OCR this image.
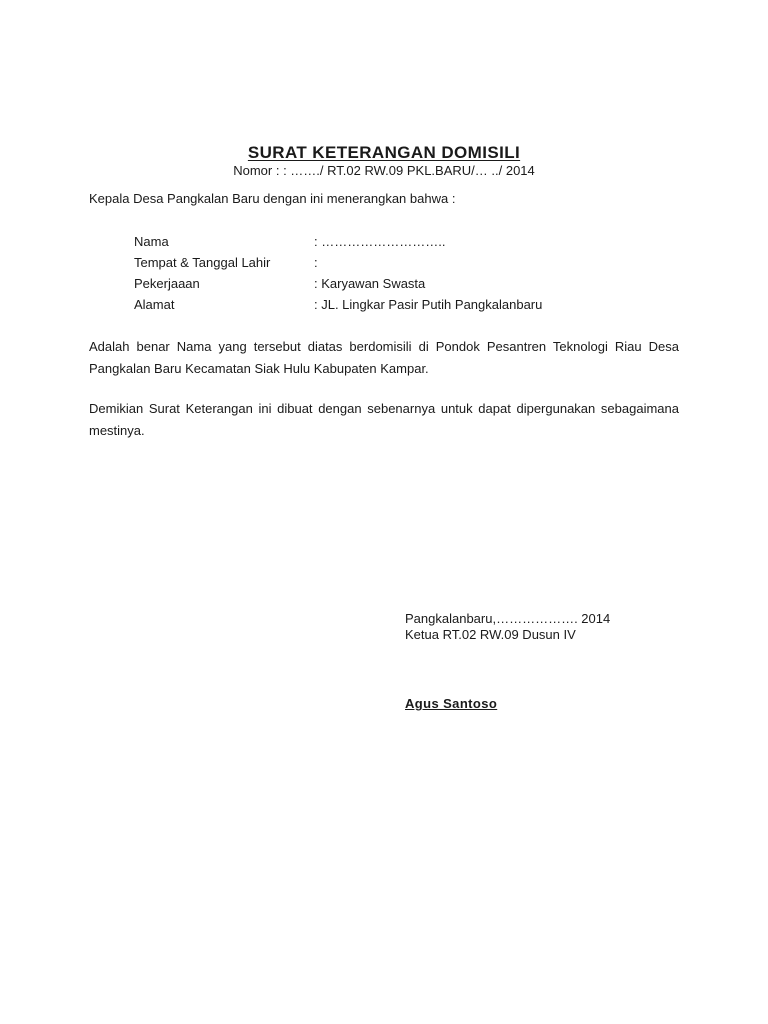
SURAT KETERANGAN DOMISILI
Nomor : : ……./ RT.02 RW.09 PKL.BARU/… ../ 2014
Kepala Desa Pangkalan Baru dengan ini menerangkan bahwa :
Nama	: ………………………..
Tempat & Tanggal Lahir	:
Pekerjaaan	: Karyawan Swasta
Alamat	: JL. Lingkar Pasir Putih Pangkalanbaru
Adalah benar Nama yang tersebut diatas berdomisili di Pondok Pesantren Teknologi Riau Desa Pangkalan Baru Kecamatan Siak Hulu Kabupaten Kampar.
Demikian Surat Keterangan ini dibuat dengan sebenarnya untuk dapat dipergunakan sebagaimana mestinya.
Pangkalanbaru,………………. 2014
Ketua RT.02 RW.09 Dusun IV
Agus Santoso
